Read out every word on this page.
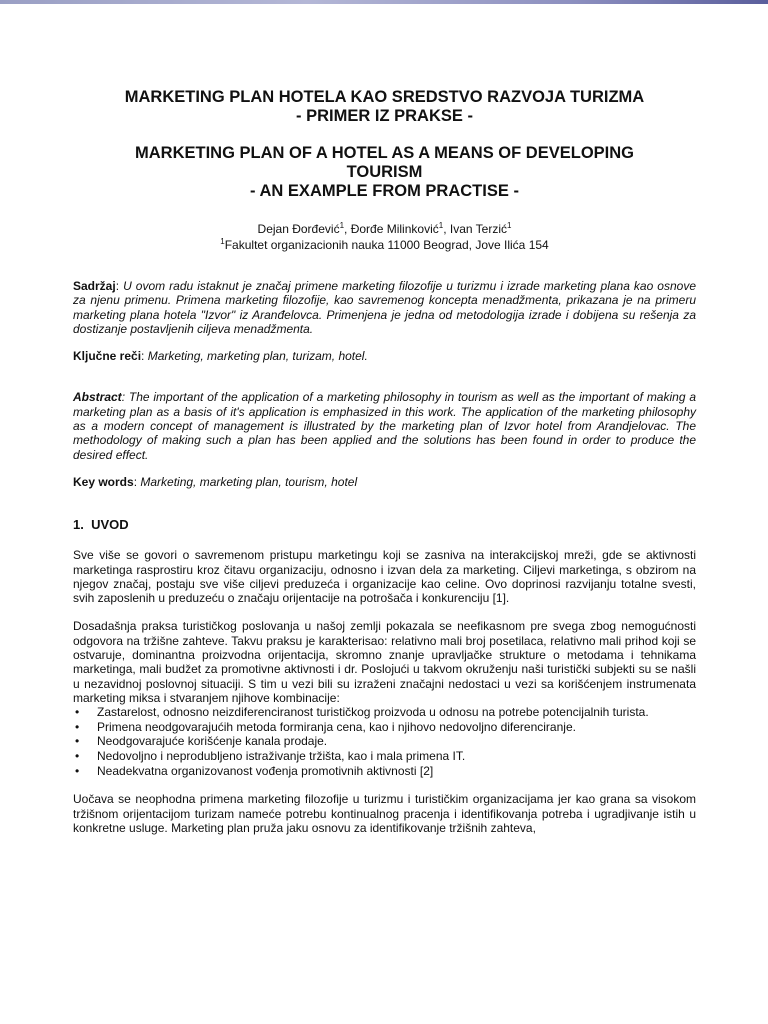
MARKETING PLAN HOTELA KAO SREDSTVO RAZVOJA TURIZMA

- PRIMER IZ PRAKSE -

MARKETING PLAN OF A HOTEL AS A MEANS OF DEVELOPING

TOURISM

- AN EXAMPLE FROM PRACTISE -

Dejan Đorđević$^1$, Đorđe Milinković$^1$, Ivan Terzić$^1$
$^1$Fakultet organizacionih nauka 11000 Beograd, Jove Ilića 154

Sadržaj: U ovom radu istaknut je značaj primene marketing filozofije u turizmu i izrade marketing plana kao osnove za njenu primenu. Primena marketing filozofije, kao savremenog koncepta menadžmenta, prikazana je na primeru marketing plana hotela "Izvor" iz Aranđelovca. Primenjena je jedna od metodologija izrade i dobijena su rešenja za dostizanje postavljenih ciljeva menadžmenta.

Ključne reči: Marketing, marketing plan, turizam, hotel.

Abstract: The important of the application of a marketing philosophy in tourism as well as the important of making a marketing plan as a basis of it's application is emphasized in this work. The application of the marketing philosophy as a modern concept of management is illustrated by the marketing plan of Izvor hotel from Arandjelovac. The methodology of making such a plan has been applied and the solutions has been found in order to produce the desired effect.

Key words: Marketing, marketing plan, tourism, hotel

1.  UVOD

Sve više se govori o savremenom pristupu marketingu koji se zasniva na interakcijskoj mreži, gde se aktivnosti marketinga rasprostiru kroz čitavu organizaciju, odnosno i izvan dela za marketing. Ciljevi marketinga, s obzirom na njegov značaj, postaju sve više ciljevi preduzeća i organizacije kao celine. Ovo doprinosi razvijanju totalne svesti, svih zaposlenih u preduzeću o značaju orijentacije na potrošača i konkurenciju [1].

Dosadašnja praksa turističkog poslovanja u našoj zemlji pokazala se neefikasnom pre svega zbog nemogućnosti odgovora na tržišne zahteve. Takvu praksu je karakterisao: relativno mali broj posetilaca, relativno mali prihod koji se ostvaruje, dominantna proizvodna orijentacija, skromno znanje upravljačke strukture o metodama i tehnikama marketinga, mali budžet za promotivne aktivnosti i dr. Posloјući u takvom okruženju naši turistički subjekti su se našli u nezavidnoj poslovnoj situaciji. S tim u vezi bili su izraženi značajni nedostaci u vezi sa korišćenjem instrumenata marketing miksa i stvaranjem njihove kombinacije:

• Zastarelost, odnosno neizdiferenciranost turističkog proizvoda u odnosu na potrebe potencijalnih turista.
• Primena neodgovarajućih metoda formiranja cena, kao i njihovo nedovoljno diferenciranje.
• Neodgovarajuće korišćenje kanala prodaje.
• Nedovoljno i neprodubljeno istraživanje tržišta, kao i mala primena IT.
• Neadekvatna organizovanost vođenja promotivnih aktivnosti [2]

Uočava se neophodna primena marketing filozofije u turizmu i turističkim organizacijama jer kao grana sa visokom tržišnom orijentacijom turizam nameće potrebu kontinualnog pracenja i identifikovanja potreba i ugradjivanje istih u konkretne usluge. Marketing plan pruža jaku osnovu za identifikovanje tržišnih zahteva,
